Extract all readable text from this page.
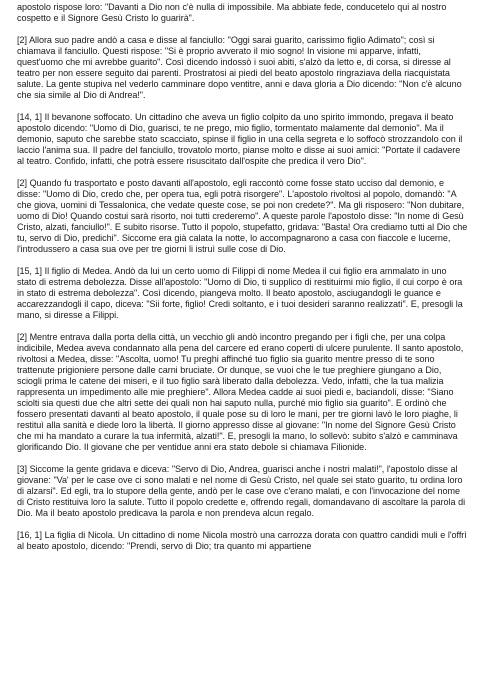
apostolo rispose loro: "Davanti a Dio non c'è nulla di impossibile. Ma abbiate fede, conducetelo qui al nostro cospetto e il Signore Gesù Cristo lo guarirà".

[2] Allora suo padre andò a casa e disse al fanciullo: "Oggi sarai guarito, carissimo figlio Adimato"; così si chiamava il fanciullo. Questi rispose: "Si è proprio avverato il mio sogno! In visione mi apparve, infatti, quest'uomo che mi avrebbe guarito". Così dicendo indossò i suoi abiti, s'alzò da letto e, di corsa, si diresse al teatro per non essere seguito dai parenti. Prostratosi ai piedi del beato apostolo ringraziava della riacquistata salute. La gente stupiva nel vederlo camminare dopo ventitre, anni e dava gloria a Dio dicendo: "Non c'è alcuno che sia simile al Dio di Andrea!".

[14, 1] Il bevanone soffocato. Un cittadino che aveva un figlio colpito da uno spirito immondo, pregava il beato apostolo dicendo: "Uomo di Dio, guarisci, te ne prego, mio figlio, tormentato malamente dal demonio". Ma il demonio, saputo che sarebbe stato scacciato, spinse il figlio in una cella segreta e lo soffocò strozzandolo con il laccio l'anima sua. Il padre del fanciullo, trovatolo morto, pianse molto e disse ai suoi amici: "Portate il cadavere al teatro. Confido, infatti, che potrà essere risuscitato dall'ospite che predica il vero Dio".

[2] Quando fu trasportato e posto davanti all'apostolo, egli raccontò come fosse stato ucciso dal demonio, e disse: "Uomo di Dio, credo che, per opera tua, egli potrà risorgere". L'apostolo rivoltosi al popolo, domandò: "A che giova, uomini di Tessalonica, che vedate queste cose, se poi non credete?". Ma gli risposero: "Non dubitare, uomo di Dio! Quando costui sarà risorto, noi tutti crederemo". A queste parole l'apostolo disse: "In nome di Gesù Cristo, alzati, fanciullo!". E subito risorse. Tutto il popolo, stupefatto, gridava: "Basta! Ora crediamo tutti al Dio che tu, servo di Dio, predichi". Siccome era già calata la notte, lo accompagnarono a casa con fiaccole e lucerne, l'introdussero a casa sua ove per tre giorni li istruì sulle cose di Dio.

[15, 1] Il figlio di Medea. Andò da lui un certo uomo di Filippi di nome Medea il cui figlio era ammalato in uno stato di estrema debolezza. Disse all'apostolo: "Uomo di Dio, ti supplico di restituirmi mio figlio, il cui corpo è ora in stato di estrema debolezza". Così dicendo, piangeva molto. Il beato apostolo, asciugandogli le guance e accarezzandogli il capo, diceva: "Sii forte, figlio! Credi soltanto, e i tuoi desideri saranno realizzati". E, presogli la mano, si diresse a Filippi.

[2] Mentre entrava dalla porta della città, un vecchio gli andò incontro pregando per i figli che, per una colpa indicibile, Medea aveva condannato alla pena del carcere ed erano coperti di ulcere purulente. Il santo apostolo, rivoltosi a Medea, disse: "Ascolta, uomo! Tu preghi affinché tuo figlio sia guarito mentre presso di te sono trattenute prigioniere persone dalle carni bruciate. Or dunque, se vuoi che le tue preghiere giungano a Dio, sciogli prima le catene dei miseri, e il tuo figlio sarà liberato dalla debolezza. Vedo, infatti, che la tua malizia rappresenta un impedimento alle mie preghiere". Allora Medea cadde ai suoi piedi e, baciandoli, disse: "Siano sciolti sia questi due che altri sette dei quali non hai saputo nulla, purché mio figlio sia guarito". E ordinò che fossero presentati davanti al beato apostolo, il quale pose su di loro le mani, per tre giorni lavò le loro piaghe, li restituì alla sanità e diede loro la libertà. Il giorno appresso disse al giovane: "In nome del Signore Gesù Cristo che mi ha mandato a curare la tua infermità, alzati!". E, presogli la mano, lo sollevò: subito s'alzò e camminava glorificando Dio. Il giovane che per ventidue anni era stato debole si chiamava Filionide.

[3] Siccome la gente gridava e diceva: "Servo di Dio, Andrea, guarisci anche i nostri malati!", l'apostolo disse al giovane: "Va' per le case ove ci sono malati e nel nome di Gesù Cristo, nel quale sei stato guarito, tu ordina loro di alzarsi". Ed egli, tra lo stupore della gente, andò per le case ove c'erano malati, e con l'invocazione del nome di Cristo restituiva loro la salute. Tutto il popolo credette e, offrendo regali, domandavano di ascoltare la parola di Dio. Ma il beato apostolo predicava la parola e non prendeva alcun regalo.

[16, 1] La figlia di Nicola. Un cittadino di nome Nicola mostrò una carrozza dorata con quattro candidi muli e l'offrì al beato apostolo, dicendo: "Prendi, servo di Dio; tra quanto mi appartiene
